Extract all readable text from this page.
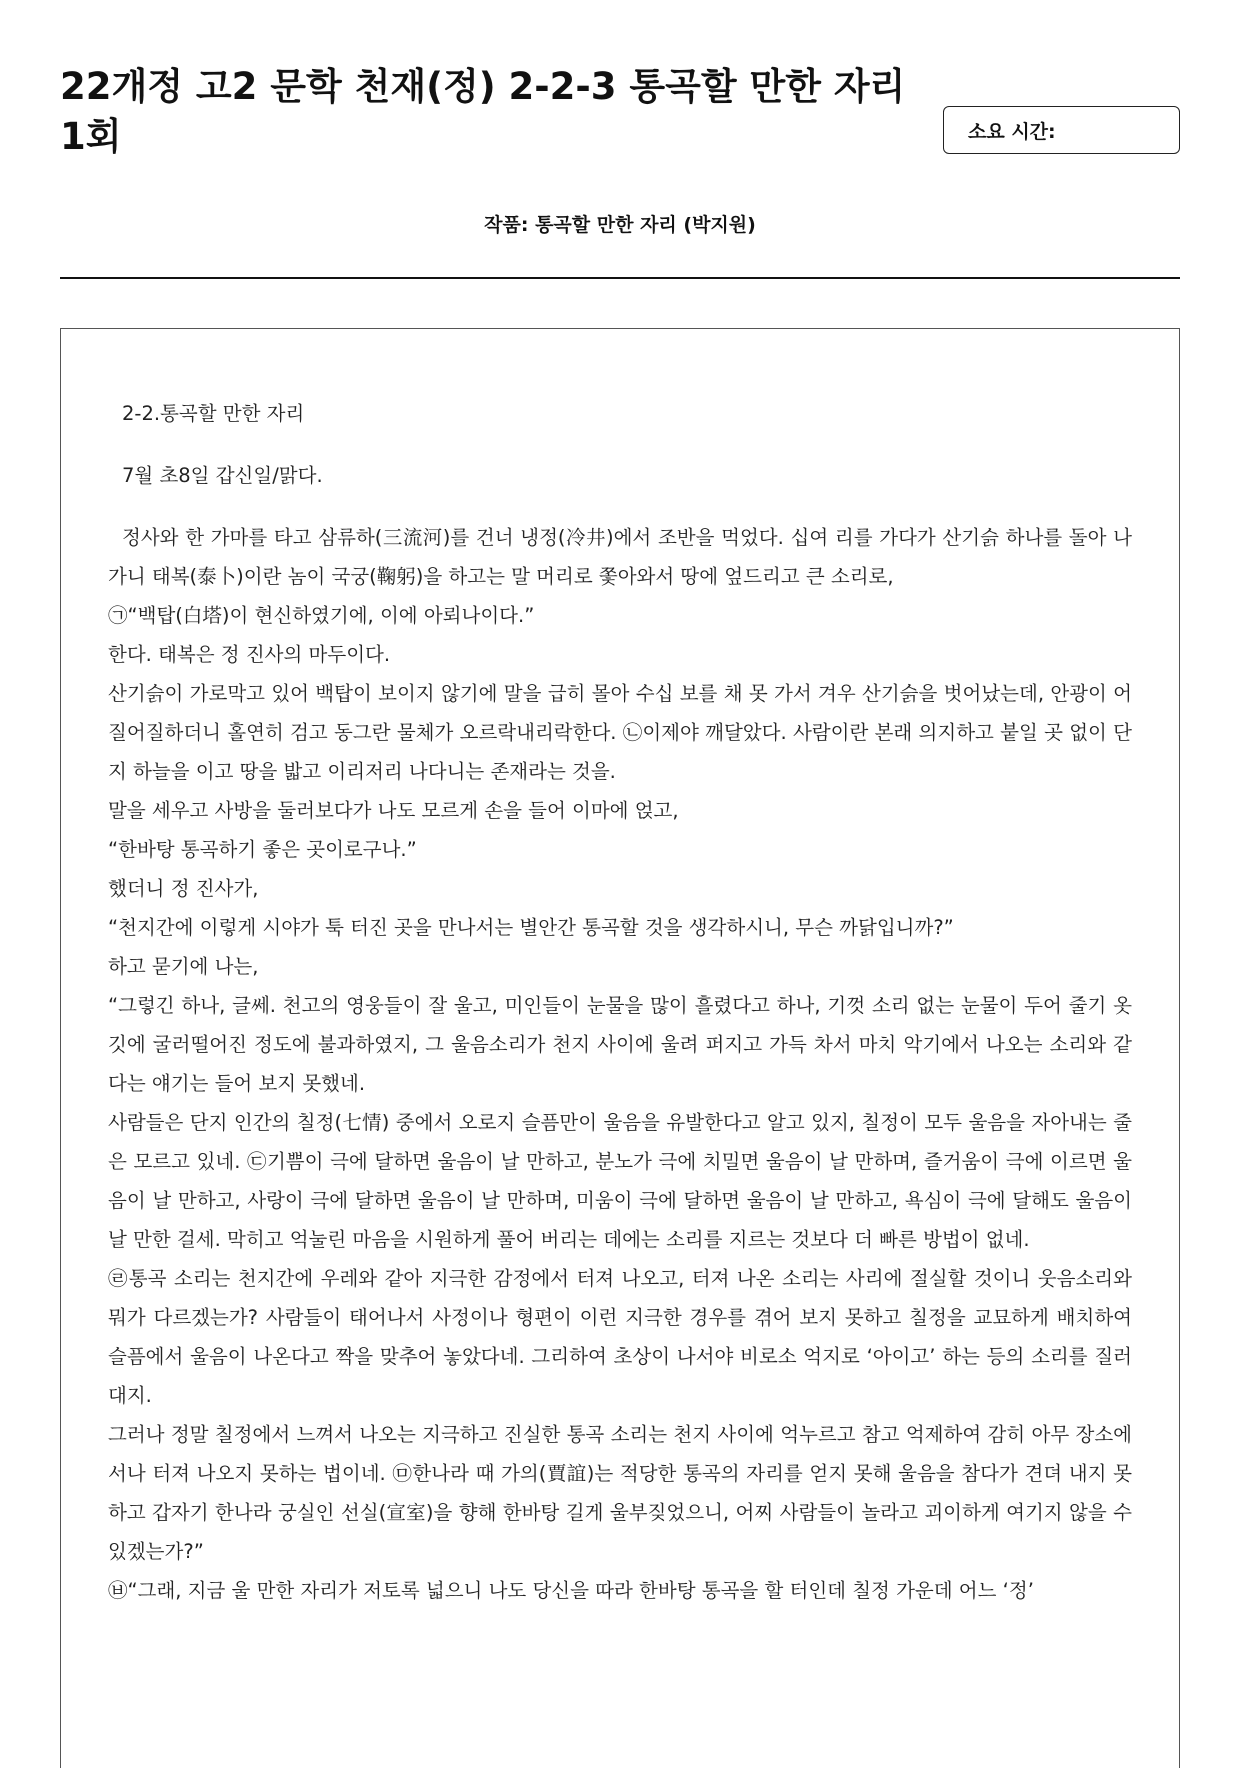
22개정 고2 문학 천재(정) 2-2-3 통곡할 만한 자리 1회	소요 시간:
작품: 통곡할 만한 자리 (박지원)

2-2.통곡할 만한 자리

7월 초8일 갑신일/맑다.

정사와 한 가마를 타고 삼류하(三流河)를 건너 냉정(冷井)에서 조반을 먹었다. 십여 리를 가다가 산기슭 하나를 돌아 나가니 태복(泰卜)이란 놈이 국궁(鞠躬)을 하고는 말 머리로 쫓아와서 땅에 엎드리고 큰 소리로,

㉠“백탑(白塔)이 현신하였기에, 이에 아뢰나이다.”

한다. 태복은 정 진사의 마두이다.

산기슭이 가로막고 있어 백탑이 보이지 않기에 말을 급히 몰아 수십 보를 채 못 가서 겨우 산기슭을 벗어났는데, 안광이 어질어질하더니 홀연히 검고 동그란 물체가 오르락내리락한다. ㉡이제야 깨달았다. 사람이란 본래 의지하고 붙일 곳 없이 단지 하늘을 이고 땅을 밟고 이리저리 나다니는 존재라는 것을.

말을 세우고 사방을 둘러보다가 나도 모르게 손을 들어 이마에 얹고,

“한바탕 통곡하기 좋은 곳이로구나.”

했더니 정 진사가,

“천지간에 이렇게 시야가 툭 터진 곳을 만나서는 별안간 통곡할 것을 생각하시니, 무슨 까닭입니까?”

하고 묻기에 나는,

“그렇긴 하나, 글쎄. 천고의 영웅들이 잘 울고, 미인들이 눈물을 많이 흘렸다고 하나, 기껏 소리 없는 눈물이 두어 줄기 옷깃에 굴러떨어진 정도에 불과하였지, 그 울음소리가 천지 사이에 울려 퍼지고 가득 차서 마치 악기에서 나오는 소리와 같다는 얘기는 들어 보지 못했네.

사람들은 단지 인간의 칠정(七情) 중에서 오로지 슬픔만이 울음을 유발한다고 알고 있지, 칠정이 모두 울음을 자아내는 줄은 모르고 있네. ㉢기쁨이 극에 달하면 울음이 날 만하고, 분노가 극에 치밀면 울음이 날 만하며, 즐거움이 극에 이르면 울음이 날 만하고, 사랑이 극에 달하면 울음이 날 만하며, 미움이 극에 달하면 울음이 날 만하고, 욕심이 극에 달해도 울음이 날 만한 걸세. 막히고 억눌린 마음을 시원하게 풀어 버리는 데에는 소리를 지르는 것보다 더 빠른 방법이 없네.

㉣통곡 소리는 천지간에 우레와 같아 지극한 감정에서 터져 나오고, 터져 나온 소리는 사리에 절실할 것이니 웃음소리와 뭐가 다르겠는가? 사람들이 태어나서 사정이나 형편이 이런 지극한 경우를 겪어 보지 못하고 칠정을 교묘하게 배치하여 슬픔에서 울음이 나온다고 짝을 맞추어 놓았다네. 그리하여 초상이 나서야 비로소 억지로 ‘아이고’ 하는 등의 소리를 질러 대지.

그러나 정말 칠정에서 느껴서 나오는 지극하고 진실한 통곡 소리는 천지 사이에 억누르고 참고 억제하여 감히 아무 장소에서나 터져 나오지 못하는 법이네. ㉤한나라 때 가의(賈誼)는 적당한 통곡의 자리를 얻지 못해 울음을 참다가 견뎌 내지 못하고 갑자기 한나라 궁실인 선실(宣室)을 향해 한바탕 길게 울부짖었으니, 어찌 사람들이 놀라고 괴이하게 여기지 않을 수 있겠는가?”

㉥“그래, 지금 울 만한 자리가 저토록 넓으니 나도 당신을 따라 한바탕 통곡을 할 터인데 칠정 가운데 어느 ‘정’
